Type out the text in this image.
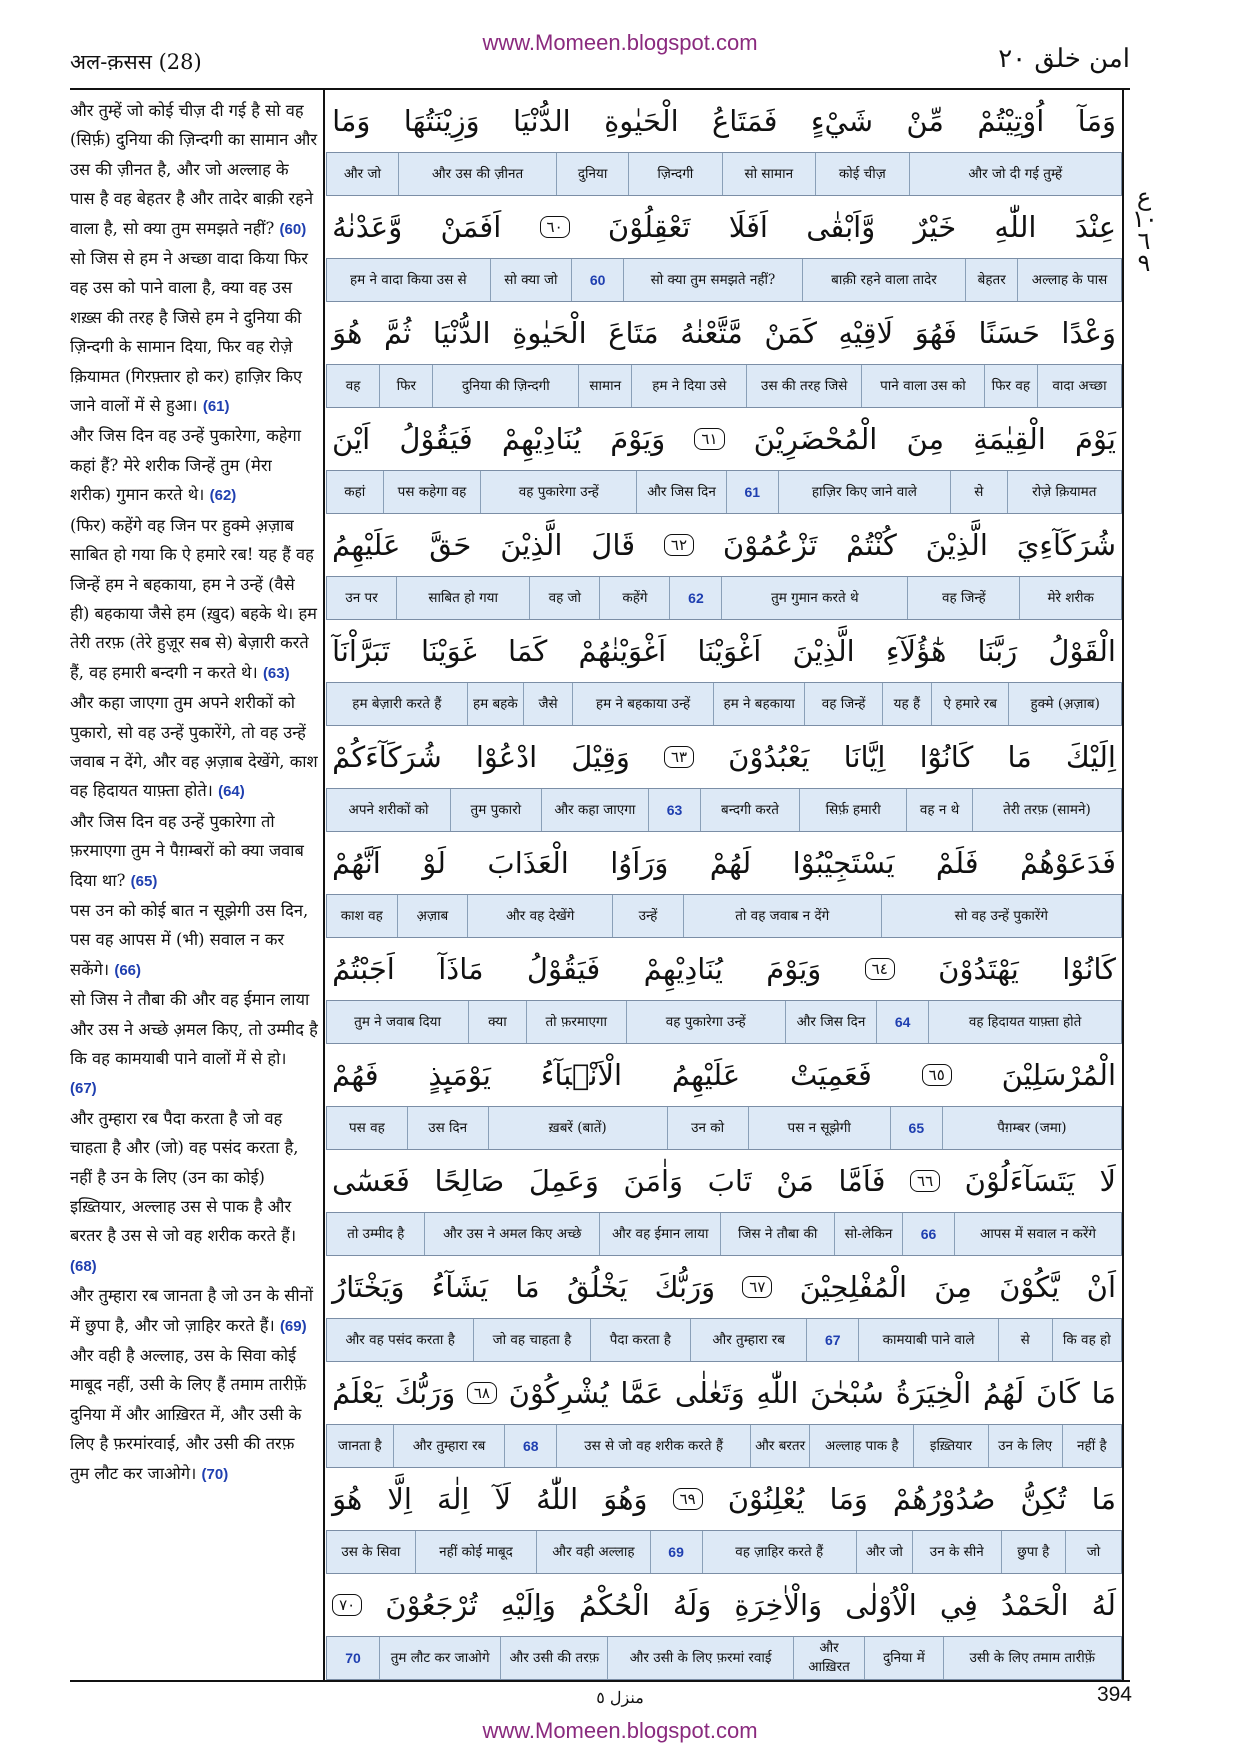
www.Momeen.blogspot.com
अल-क़सस (28)	امن خلق ۲۰
ع ۱۰ ٦ ۹
और तुम्हें जो कोई चीज़ दी गई है सो वह (सिर्फ़) दुनिया की ज़िन्दगी का सामान और उस की ज़ीनत है, और जो अल्लाह के पास है वह बेहतर है और तादेर बाक़ी रहने वाला है, सो क्या तुम समझते नहीं? (60)
सो जिस से हम ने अच्छा वादा किया फिर वह उस को पाने वाला है, क्या वह उस शख़्स की तरह है जिसे हम ने दुनिया की ज़िन्दगी के सामान दिया, फिर वह रोज़े क़ियामत (गिरफ़्तार हो कर) हाज़िर किए जाने वालों में से हुआ। (61)
और जिस दिन वह उन्हें पुकारेगा, कहेगा कहां हैं? मेरे शरीक जिन्हें तुम (मेरा शरीक) गुमान करते थे। (62)
(फिर) कहेंगे वह जिन पर हुक्मे अ़ज़ाब साबित हो गया कि ऐ हमारे रब! यह हैं वह जिन्हें हम ने बहकाया, हम ने उन्हें (वैसे ही) बहकाया जैसे हम (ख़ुद) बहके थे। हम तेरी तरफ़ (तेरे हुज़ूर सब से) बेज़ारी करते हैं, वह हमारी बन्दगी न करते थे। (63)
और कहा जाएगा तुम अपने शरीकों को पुकारो, सो वह उन्हें पुकारेंगे, तो वह उन्हें जवाब न देंगे, और वह अ़ज़ाब देखेंगे, काश वह हिदायत याफ़्ता होते। (64)
और जिस दिन वह उन्हें पुकारेगा तो फ़रमाएगा तुम ने पैग़म्बरों को क्या जवाब दिया था? (65)
पस उन को कोई बात न सूझेगी उस दिन, पस वह आपस में (भी) सवाल न कर सकेंगे। (66)
सो जिस ने तौबा की और वह ईमान लाया और उस ने अच्छे अ़मल किए, तो उम्मीद है कि वह कामयाबी पाने वालों में से हो। (67)
और तुम्हारा रब पैदा करता है जो वह चाहता है और (जो) वह पसंद करता है, नहीं है उन के लिए (उन का कोई) इख़्तियार, अल्लाह उस से पाक है और बरतर है उस से जो वह शरीक करते हैं। (68)
और तुम्हारा रब जानता है जो उन के सीनों में छुपा है, और जो ज़ाहिर करते हैं। (69)
और वही है अल्लाह, उस के सिवा कोई माबूद नहीं, उसी के लिए हैं तमाम तारीफ़ें दुनिया में और आख़िरत में, और उसी के लिए है फ़रमांरवाई, और उसी की तरफ़ तुम लौट कर जाओगे। (70)

وَمَآ
اُوْتِيْتُمْ
مِّنْ
شَيْءٍ
فَمَتَاعُ
الْحَيٰوةِ
الدُّنْيَا
وَزِيْنَتُهَا
وَمَا
और जो दी गई तुम्हें
कोई चीज़
सो सामान
ज़िन्दगी
दुनिया
और उस की ज़ीनत
और जो
عِنْدَ
اللّٰهِ
خَيْرٌ
وَّاَبْقٰى
اَفَلَا
تَعْقِلُوْنَ
٦٠
اَفَمَنْ
وَّعَدْنٰهُ
अल्लाह के पास
बेहतर
बाक़ी रहने वाला तादेर
सो क्या तुम समझते नहीं?
60
सो क्या जो
हम ने वादा किया उस से
وَعْدًا
حَسَنًا
فَهُوَ
لَاقِيْهِ
كَمَنْ
مَّتَّعْنٰهُ
مَتَاعَ
الْحَيٰوةِ
الدُّنْيَا
ثُمَّ
هُوَ
वादा अच्छा
फिर वह
पाने वाला उस को
उस की तरह जिसे
हम ने दिया उसे
सामान
दुनिया की ज़िन्दगी
फिर
वह
يَوْمَ
الْقِيٰمَةِ
مِنَ
الْمُحْضَرِيْنَ
٦١
وَيَوْمَ
يُنَادِيْهِمْ
فَيَقُوْلُ
اَيْنَ
रोज़े क़ियामत
से
हाज़िर किए जाने वाले
61
और जिस दिन
वह पुकारेगा उन्हें
पस कहेगा वह
कहां
شُرَكَآءِيَ
الَّذِيْنَ
كُنْتُمْ
تَزْعُمُوْنَ
٦٢
قَالَ
الَّذِيْنَ
حَقَّ
عَلَيْهِمُ
मेरे शरीक
वह जिन्हें
तुम गुमान करते थे
62
कहेंगे
वह जो
साबित हो गया
उन पर
الْقَوْلُ
رَبَّنَا
هٰٓؤُلَآءِ
الَّذِيْنَ
اَغْوَيْنَا
اَغْوَيْنٰهُمْ
كَمَا
غَوَيْنَا
تَبَرَّاْنَآ
हुक्मे (अ़ज़ाब)
ऐ हमारे रब
यह हैं
वह जिन्हें
हम ने बहकाया
हम ने बहकाया उन्हें
जैसे
हम बहके
हम बेज़ारी करते हैं
اِلَيْكَ
مَا
كَانُوْٓا
اِيَّانَا
يَعْبُدُوْنَ
٦٣
وَقِيْلَ
ادْعُوْا
شُرَكَآءَكُمْ
तेरी तरफ़ (सामने)
वह न थे
सिर्फ़ हमारी
बन्दगी करते
63
और कहा जाएगा
तुम पुकारो
अपने शरीकों को
فَدَعَوْهُمْ
فَلَمْ
يَسْتَجِيْبُوْا
لَهُمْ
وَرَاَوُا
الْعَذَابَ
لَوْ
اَنَّهُمْ
सो वह उन्हें पुकारेंगे
तो वह जवाब न देंगे
उन्हें
और वह देखेंगे
अ़ज़ाब
काश वह
كَانُوْا
يَهْتَدُوْنَ
٦٤
وَيَوْمَ
يُنَادِيْهِمْ
فَيَقُوْلُ
مَاذَآ
اَجَبْتُمُ
वह हिदायत याफ़्ता होते
64
और जिस दिन
वह पुकारेगा उन्हें
तो फ़रमाएगा
क्या
तुम ने जवाब दिया
الْمُرْسَلِيْنَ
٦٥
فَعَمِيَتْ
عَلَيْهِمُ
الْاَنْۢبَآءُ
يَوْمَىِٕذٍ
فَهُمْ
पैग़म्बर (जमा)
65
पस न सूझेगी
उन को
ख़बरें (बातें)
उस दिन
पस वह
لَا
يَتَسَآءَلُوْنَ
٦٦
فَاَمَّا
مَنْ
تَابَ
وَاٰمَنَ
وَعَمِلَ
صَالِحًا
فَعَسٰٓى
आपस में सवाल न करेंगे
66
सो-लेकिन
जिस ने तौबा की
और वह ईमान लाया
और उस ने अमल किए अच्छे
तो उम्मीद है
اَنْ
يَّكُوْنَ
مِنَ
الْمُفْلِحِيْنَ
٦٧
وَرَبُّكَ
يَخْلُقُ
مَا
يَشَآءُ
وَيَخْتَارُ
कि वह हो
से
कामयाबी पाने वाले
67
और तुम्हारा रब
पैदा करता है
जो वह चाहता है
और वह पसंद करता है
مَا
كَانَ
لَهُمُ
الْخِيَرَةُ
سُبْحٰنَ
اللّٰهِ
وَتَعٰلٰى
عَمَّا
يُشْرِكُوْنَ
٦٨
وَرَبُّكَ
يَعْلَمُ
नहीं है
उन के लिए
इख़्तियार
अल्लाह पाक है
और बरतर
उस से जो वह शरीक करते हैं
68
और तुम्हारा रब
जानता है
مَا
تُكِنُّ
صُدُوْرُهُمْ
وَمَا
يُعْلِنُوْنَ
٦٩
وَهُوَ
اللّٰهُ
لَآ
اِلٰهَ
اِلَّا
هُوَ
जो
छुपा है
उन के सीने
और जो
वह ज़ाहिर करते हैं
69
और वही अल्लाह
नहीं कोई माबूद
उस के सिवा
لَهُ
الْحَمْدُ
فِي
الْاُوْلٰى
وَالْاٰخِرَةِ
وَلَهُ
الْحُكْمُ
وَاِلَيْهِ
تُرْجَعُوْنَ
٧٠
उसी के लिए तमाम तारीफ़ें
दुनिया में
और आख़िरत
और उसी के लिए फ़रमां रवाई
और उसी की तरफ़
तुम लौट कर जाओगे
70
منزل ٥	394
www.Momeen.blogspot.com
